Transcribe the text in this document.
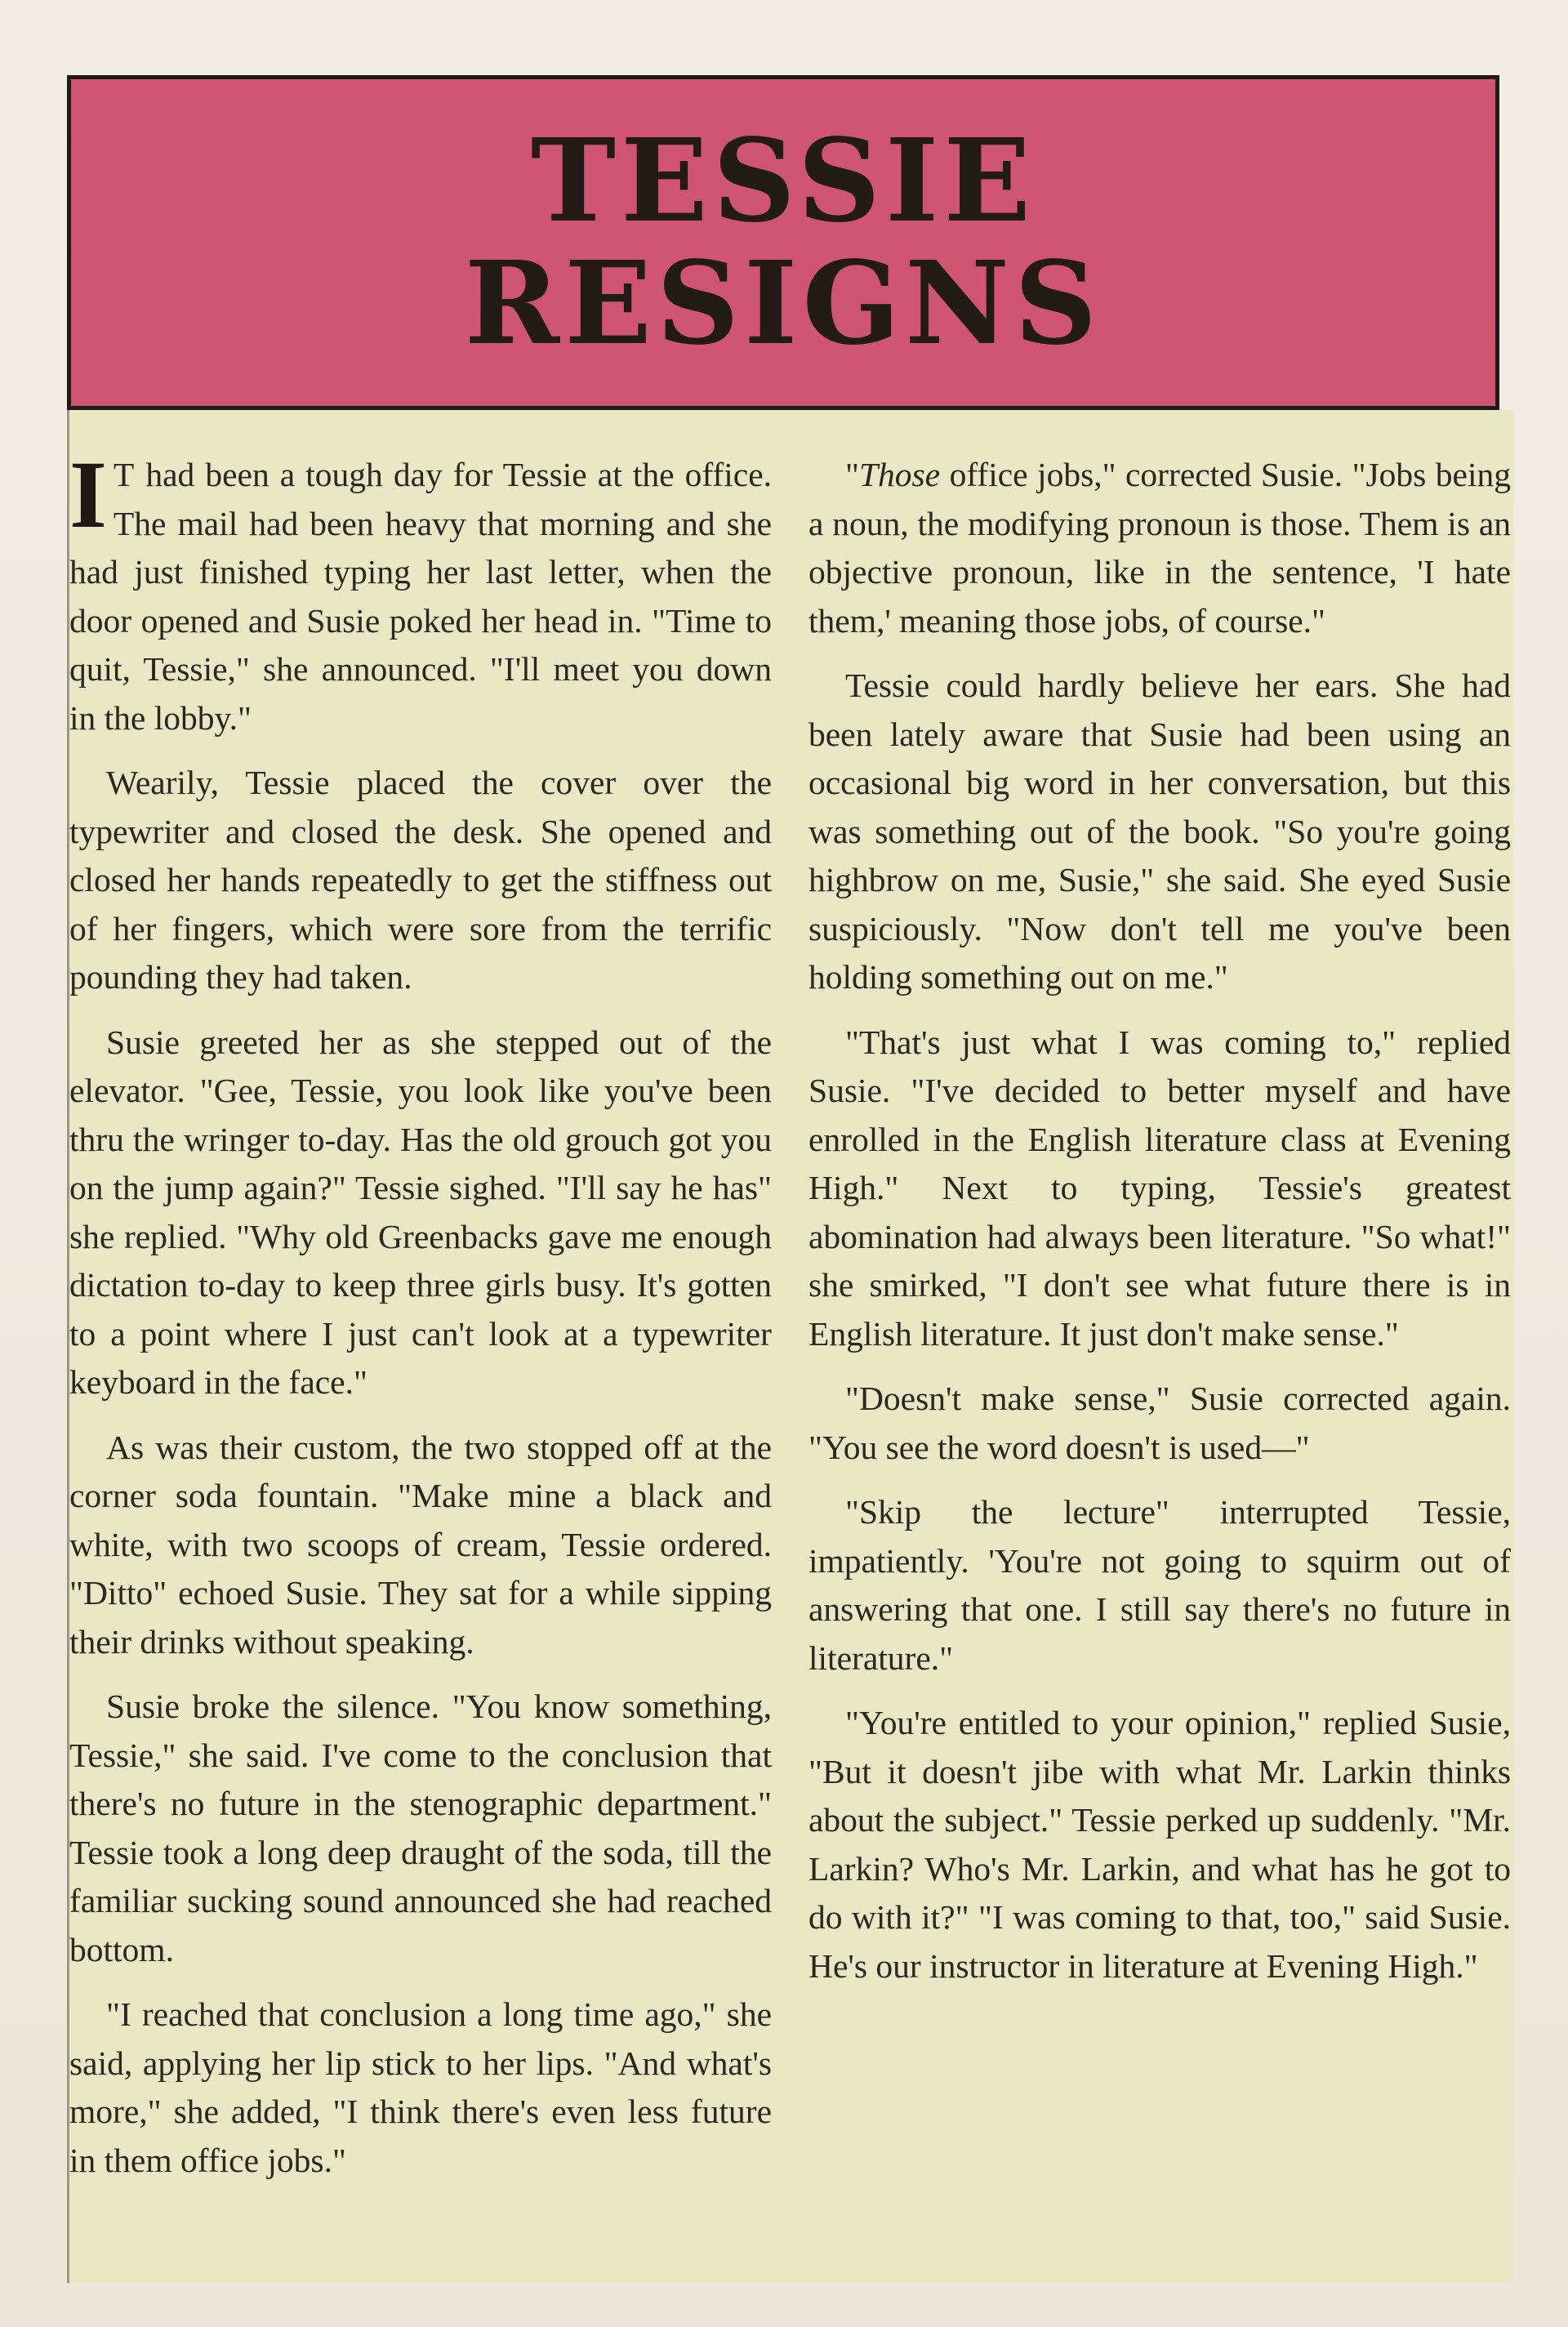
TESSIE
RESIGNS

I T had been a tough day for Tessie at the office. The mail had been heavy that morning and she had just finished typing her last letter, when the door opened and Susie poked her head in. "Time to quit, Tessie," she announced. "I'll meet you down in the lobby."

Wearily, Tessie placed the cover over the typewriter and closed the desk. She opened and closed her hands repeatedly to get the stiffness out of her fingers, which were sore from the terrific pounding they had taken.

Susie greeted her as she stepped out of the elevator. "Gee, Tessie, you look like you've been thru the wringer to-day. Has the old grouch got you on the jump again?" Tessie sighed. "I'll say he has" she replied. "Why old Greenbacks gave me enough dictation to-day to keep three girls busy. It's gotten to a point where I just can't look at a typewriter keyboard in the face."

As was their custom, the two stopped off at the corner soda fountain. "Make mine a black and white, with two scoops of cream, Tessie ordered. "Ditto" echoed Susie. They sat for a while sipping their drinks without speaking.

Susie broke the silence. "You know something, Tessie," she said. I've come to the conclusion that there's no future in the stenographic department." Tessie took a long deep draught of the soda, till the familiar sucking sound announced she had reached bottom.

"I reached that conclusion a long time ago," she said, applying her lip stick to her lips. "And what's more," she added, "I think there's even less future in them office jobs."

"Those office jobs," corrected Susie. "Jobs being a noun, the modifying pronoun is those. Them is an objective pronoun, like in the sentence, 'I hate them,' meaning those jobs, of course."

Tessie could hardly believe her ears. She had been lately aware that Susie had been using an occasional big word in her conversation, but this was something out of the book. "So you're going highbrow on me, Susie," she said. She eyed Susie suspiciously. "Now don't tell me you've been holding something out on me."

"That's just what I was coming to," replied Susie. "I've decided to better myself and have enrolled in the English literature class at Evening High." Next to typing, Tessie's greatest abomination had always been literature. "So what!" she smirked, "I don't see what future there is in English literature. It just don't make sense."

"Doesn't make sense," Susie corrected again. "You see the word doesn't is used—"

"Skip the lecture" interrupted Tessie, impatiently. 'You're not going to squirm out of answering that one. I still say there's no future in literature."

"You're entitled to your opinion," replied Susie, "But it doesn't jibe with what Mr. Larkin thinks about the subject." Tessie perked up suddenly. "Mr. Larkin? Who's Mr. Larkin, and what has he got to do with it?" "I was coming to that, too," said Susie. He's our instructor in literature at Evening High."
